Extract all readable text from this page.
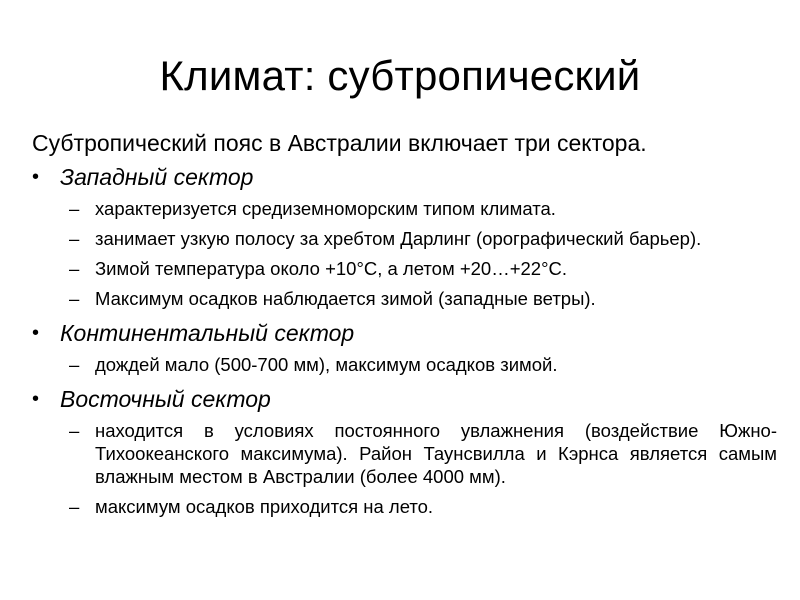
Климат: субтропический
Субтропический пояс в Австралии включает три сектора.
• Западный сектор
– характеризуется средиземноморским типом климата.
– занимает узкую полосу за хребтом Дарлинг (орографический барьер).
– Зимой температура около +10°С, а летом +20…+22°С.
– Максимум осадков наблюдается зимой (западные ветры).
• Континентальный сектор
– дождей мало (500-700 мм), максимум осадков зимой.
• Восточный сектор
– находится в условиях постоянного увлажнения (воздействие Южно-Тихоокеанского максимума). Район Таунсвилла и Кэрнса является самым влажным местом в Австралии (более 4000 мм).
– максимум осадков приходится на лето.
